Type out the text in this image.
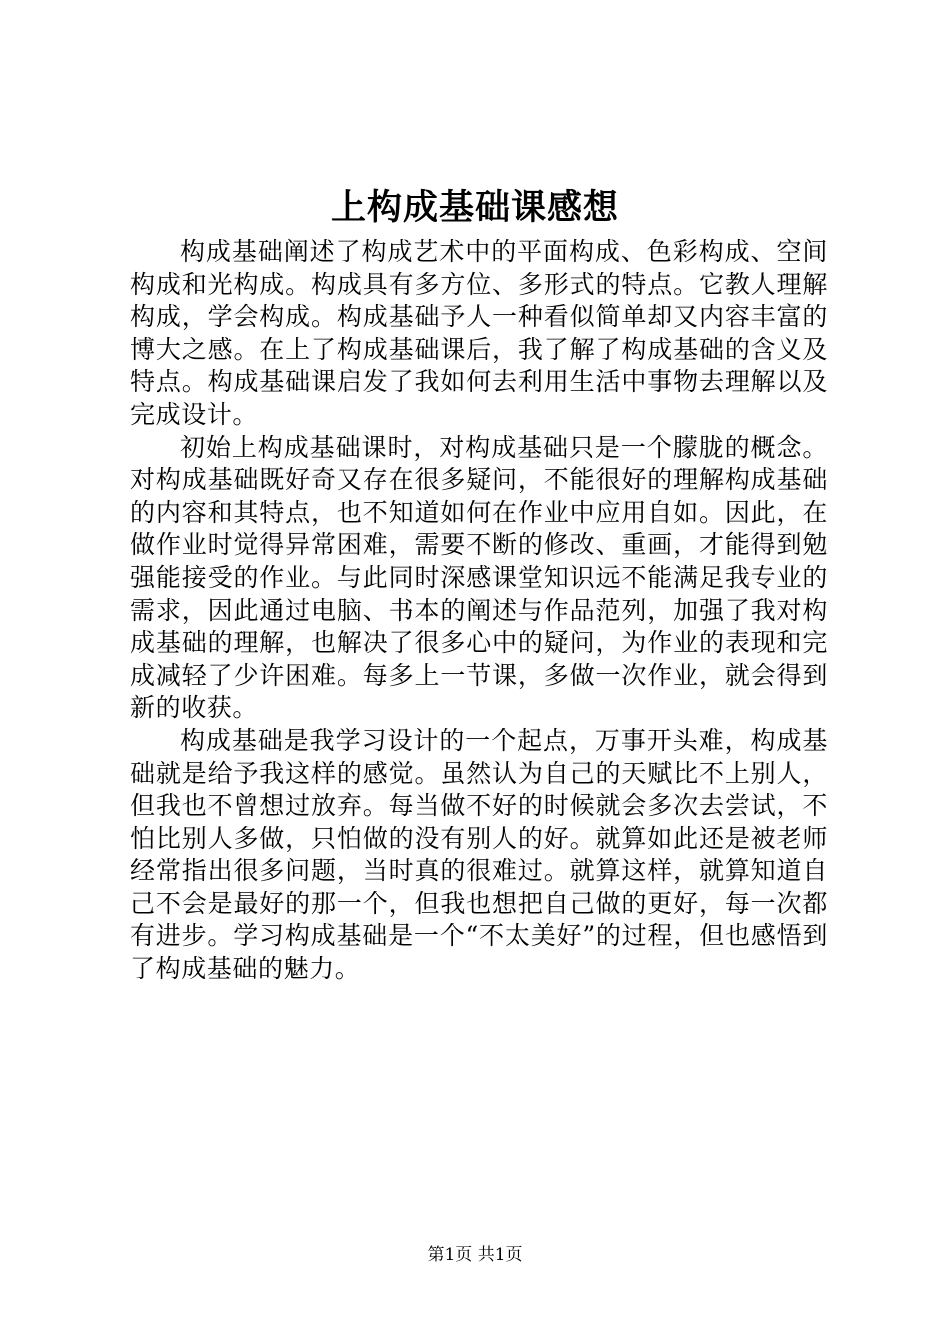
上构成基础课感想

构成基础阐述了构成艺术中的平面构成、色彩构成、空间构成和光构成。构成具有多方位、多形式的特点。它教人理解构成，学会构成。构成基础予人一种看似简单却又内容丰富的博大之感。在上了构成基础课后，我了解了构成基础的含义及特点。构成基础课启发了我如何去利用生活中事物去理解以及完成设计。

初始上构成基础课时，对构成基础只是一个朦胧的概念。对构成基础既好奇又存在很多疑问，不能很好的理解构成基础的内容和其特点，也不知道如何在作业中应用自如。因此，在做作业时觉得异常困难，需要不断的修改、重画，才能得到勉强能接受的作业。与此同时深感课堂知识远不能满足我专业的需求，因此通过电脑、书本的阐述与作品范列，加强了我对构成基础的理解，也解决了很多心中的疑问，为作业的表现和完成减轻了少许困难。每多上一节课，多做一次作业，就会得到新的收获。

构成基础是我学习设计的一个起点，万事开头难，构成基础就是给予我这样的感觉。虽然认为自己的天赋比不上别人，但我也不曾想过放弃。每当做不好的时候就会多次去尝试，不怕比别人多做，只怕做的没有别人的好。就算如此还是被老师经常指出很多问题，当时真的很难过。就算这样，就算知道自己不会是最好的那一个，但我也想把自己做的更好，每一次都有进步。学习构成基础是一个“不太美好”的过程，但也感悟到了构成基础的魅力。

第1页 共1页
